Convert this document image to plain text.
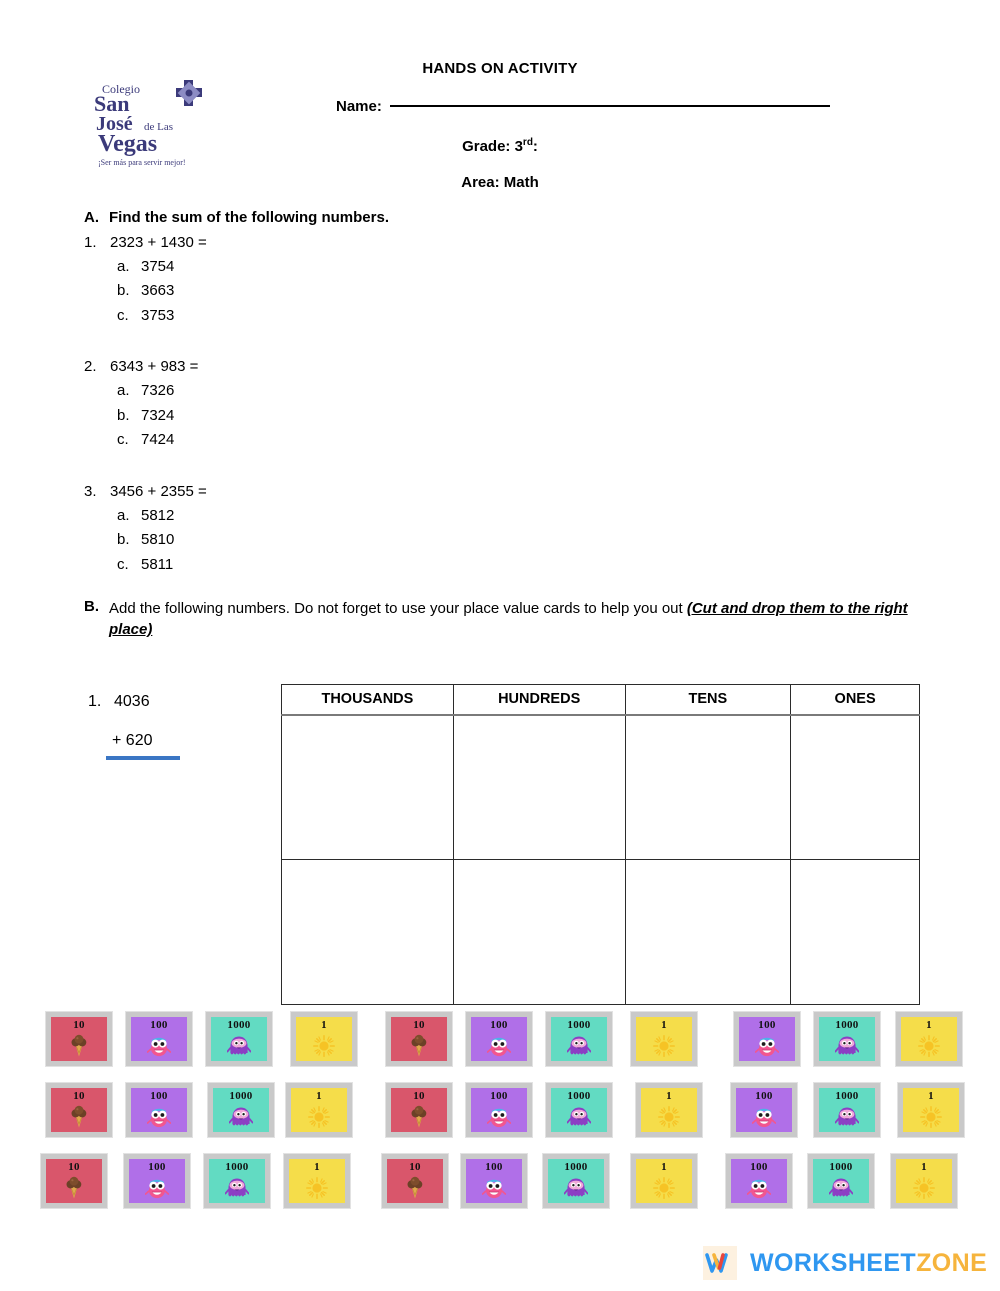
HANDS ON ACTIVITY
Colegio
San
José de Las
Vegas
¡Ser más para servir mejor!
Name:
Grade: 3rd:
Area: Math
A. Find the sum of the following numbers.
1. 2323 + 1430 =
a. 3754
b. 3663
c. 3753
2. 6343 + 983 =
a. 7326
b. 7324
c. 7424
3. 3456 + 2355 =
a. 5812
b. 5810
c. 5811
B. Add the following numbers. Do not forget to use your place value cards to help you out (Cut and drop them to the right place)
1. 4036
+ 620
THOUSANDS	HUNDREDS	TENS	ONES

10	100	1000	1	10	100	1000	1	100	1000	1
10	100	1000	1	10	100	1000	1	100	1000	1
10	100	1000	1	10	100	1000	1	100	1000	1
WORKSHEETZONE
